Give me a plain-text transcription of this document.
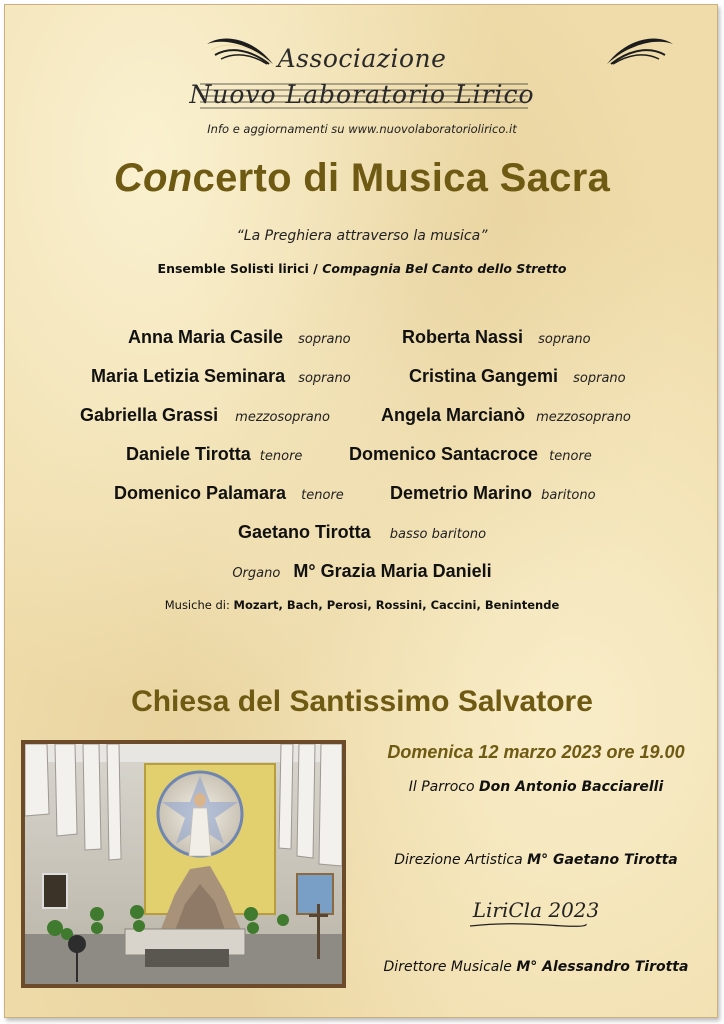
Associazione
Nuovo Laboratorio Lirico
Info e aggiornamenti su www.nuovolaboratoriolirico.it
Concerto di Musica Sacra
“La Preghiera attraverso la musica”
Ensemble Solisti lirici / Compagnia Bel Canto dello Stretto
Anna Maria Casile soprano	Roberta Nassi soprano
Maria Letizia Seminara soprano	Cristina Gangemi soprano
Gabriella Grassi mezzosoprano	Angela Marcianò mezzosoprano
Daniele Tirotta tenore	Domenico Santacroce tenore
Domenico Palamara tenore	Demetrio Marino baritono
Gaetano Tirotta basso baritono
Organo M° Grazia Maria Danieli
Musiche di: Mozart, Bach, Perosi, Rossini, Caccini, Benintende
Chiesa del Santissimo Salvatore
Domenica 12 marzo 2023 ore 19.00
Il Parroco Don Antonio Bacciarelli
Direzione Artistica M° Gaetano Tirotta
LiriCla 2023
Direttore Musicale M° Alessandro Tirotta
